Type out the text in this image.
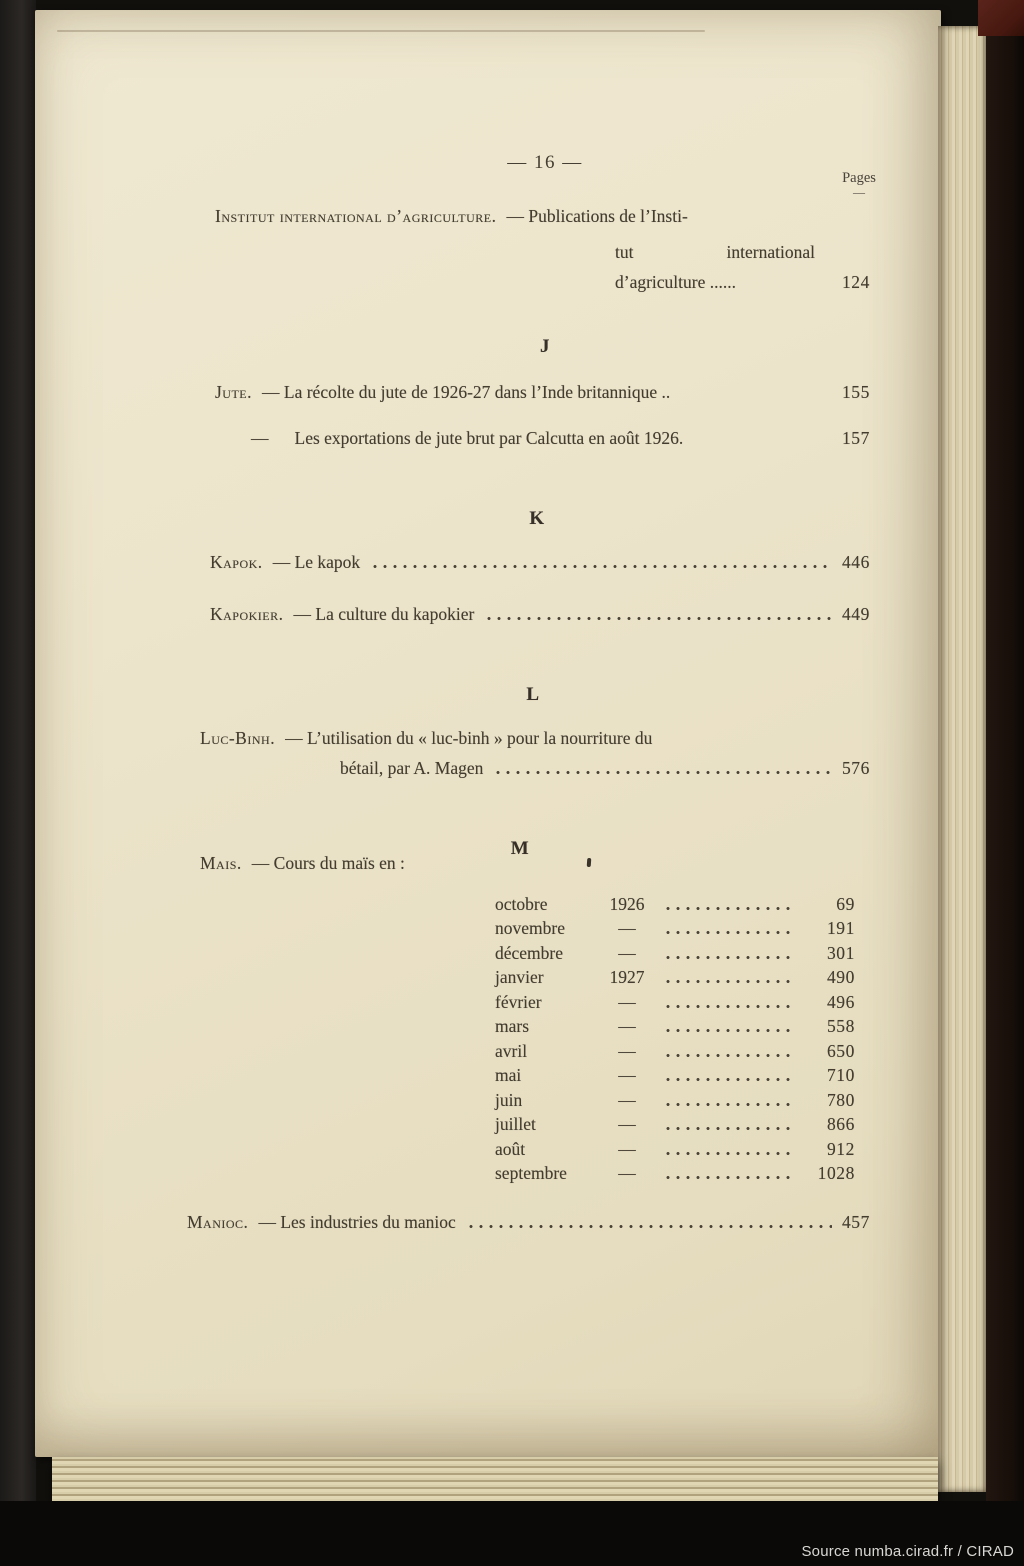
— 16 —
Pages
—
Institut international d’agriculture. — Publications de l’Insti-
tut	international
d’agriculture ......	124
J
Jute. — La récolte du jute de 1926-27 dans l’Inde britannique ..	155
— Les exportations de jute brut par Calcutta en août 1926.	157
K
Kapok. — Le kapok	446
Kapokier. — La culture du kapokier	449
L
Luc-Binh. — L’utilisation du « luc-binh » pour la nourriture du
bétail, par A. Magen	576
M
Mais. — Cours du maïs en :
octobre	1926	69
novembre	—	191
décembre	—	301
janvier	1927	490
février	—	496
mars	—	558
avril	—	650
mai	—	710
juin	—	780
juillet	—	866
août	—	912
septembre	—	1028
Manioc. — Les industries du manioc	457
Source numba.cirad.fr / CIRAD
